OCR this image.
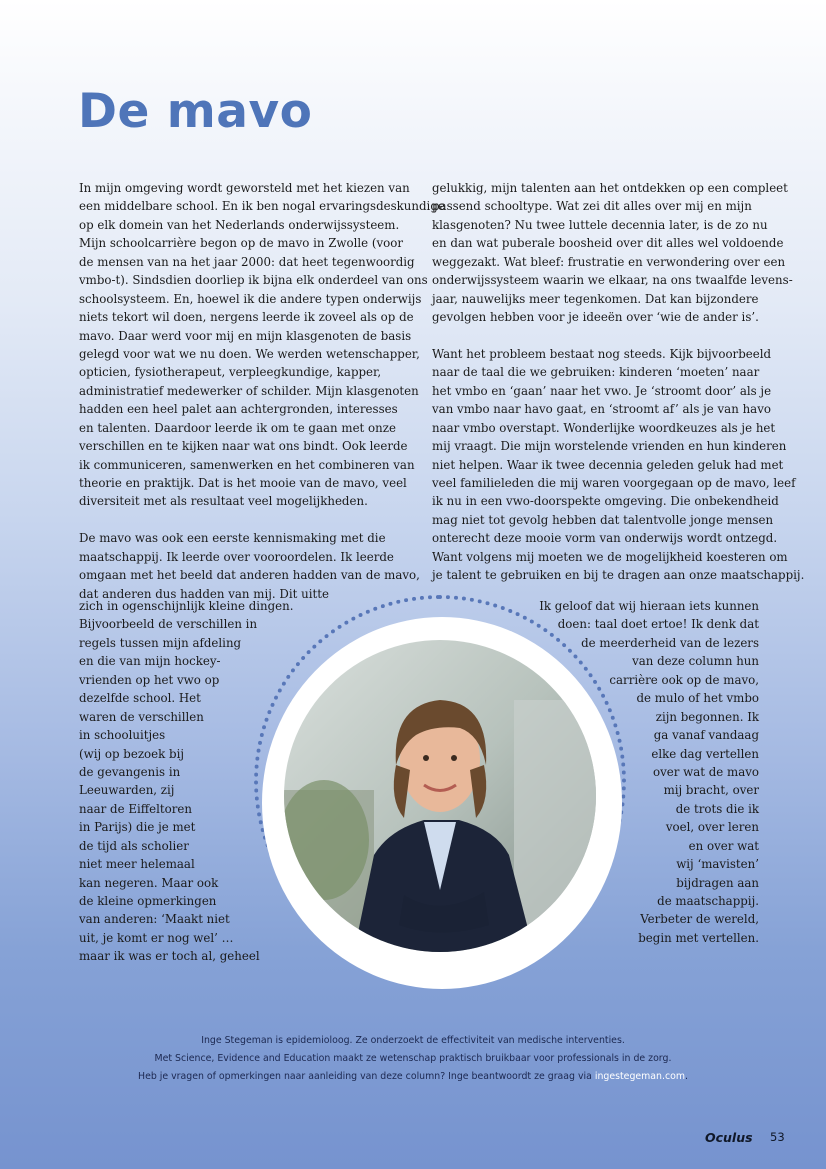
De mavo
In mijn omgeving wordt geworsteld met het kiezen van
een middelbare school. En ik ben nogal ervaringsdeskundige
op elk domein van het Nederlands onderwijssysteem.
Mijn schoolcarrière begon op de mavo in Zwolle (voor
de mensen van na het jaar 2000: dat heet tegenwoordig
vmbo-t). Sindsdien doorliep ik bijna elk onderdeel van ons
schoolsysteem. En, hoewel ik die andere typen onderwijs
niets tekort wil doen, nergens leerde ik zoveel als op de
mavo. Daar werd voor mij en mijn klasgenoten de basis
gelegd voor wat we nu doen. We werden wetenschapper,
opticien, fysiotherapeut, verpleegkundige, kapper,
administratief medewerker of schilder. Mijn klasgenoten
hadden een heel palet aan achtergronden, interesses
en talenten. Daardoor leerde ik om te gaan met onze
verschillen en te kijken naar wat ons bindt. Ook leerde
ik communiceren, samenwerken en het combineren van
theorie en praktijk. Dat is het mooie van de mavo, veel
diversiteit met als resultaat veel mogelijkheden.
De mavo was ook een eerste kennismaking met die
maatschappij. Ik leerde over vooroordelen. Ik leerde
omgaan met het beeld dat anderen hadden van de mavo,
dat anderen dus hadden van mij. Dit uitte
gelukkig, mijn talenten aan het ontdekken op een compleet
passend schooltype. Wat zei dit alles over mij en mijn
klasgenoten? Nu twee luttele decennia later, is de zo nu
en dan wat puberale boosheid over dit alles wel voldoende
weggezakt. Wat bleef: frustratie en verwondering over een
onderwijssysteem waarin we elkaar, na ons twaalfde levens-
jaar, nauwelijks meer tegenkomen. Dat kan bijzondere
gevolgen hebben voor je ideeën over ‘wie de ander is’.
Want het probleem bestaat nog steeds. Kijk bijvoorbeeld
naar de taal die we gebruiken: kinderen ‘moeten’ naar
het vmbo en ‘gaan’ naar het vwo. Je ‘stroomt door’ als je
van vmbo naar havo gaat, en ‘stroomt af’ als je van havo
naar vmbo overstapt. Wonderlijke woordkeuzes als je het
mij vraagt. Die mijn worstelende vrienden en hun kinderen
niet helpen. Waar ik twee decennia geleden geluk had met
veel familieleden die mij waren voorgegaan op de mavo, leef
ik nu in een vwo-doorspekte omgeving. Die onbekendheid
mag niet tot gevolg hebben dat talentvolle jonge mensen
onterecht deze mooie vorm van onderwijs wordt ontzegd.
Want volgens mij moeten we de mogelijkheid koesteren om
je talent te gebruiken en bij te dragen aan onze maatschappij.
zich in ogenschijnlijk kleine dingen.
Bijvoorbeeld de verschillen in
regels tussen mijn afdeling
en die van mijn hockey-
vrienden op het vwo op
dezelfde school. Het
waren de verschillen
in schooluitjes
(wij op bezoek bij
de gevangenis in
Leeuwarden, zij
naar de Eiffeltoren
in Parijs) die je met
de tijd als scholier
niet meer helemaal
kan negeren. Maar ook
de kleine opmerkingen
van anderen: ‘Maakt niet
uit, je komt er nog wel’ …
maar ik was er toch al, geheel
Ik geloof dat wij hieraan iets kunnen
doen: taal doet ertoe! Ik denk dat
de meerderheid van de lezers
van deze column hun
carrière ook op de mavo,
de mulo of het vmbo
zijn begonnen. Ik
ga vanaf vandaag
elke dag vertellen
over wat de mavo
mij bracht, over
de trots die ik
voel, over leren
en over wat
wij ‘mavisten’
bijdragen aan
de maatschappij.
Verbeter de wereld,
begin met vertellen.
Inge Stegeman is epidemioloog. Ze onderzoekt de effectiviteit van medische interventies.
Met Science, Evidence and Education maakt ze wetenschap praktisch bruikbaar voor professionals in de zorg.
Heb je vragen of opmerkingen naar aanleiding van deze column? Inge beantwoordt ze graag via ingestegeman.com.
Oculus 53
